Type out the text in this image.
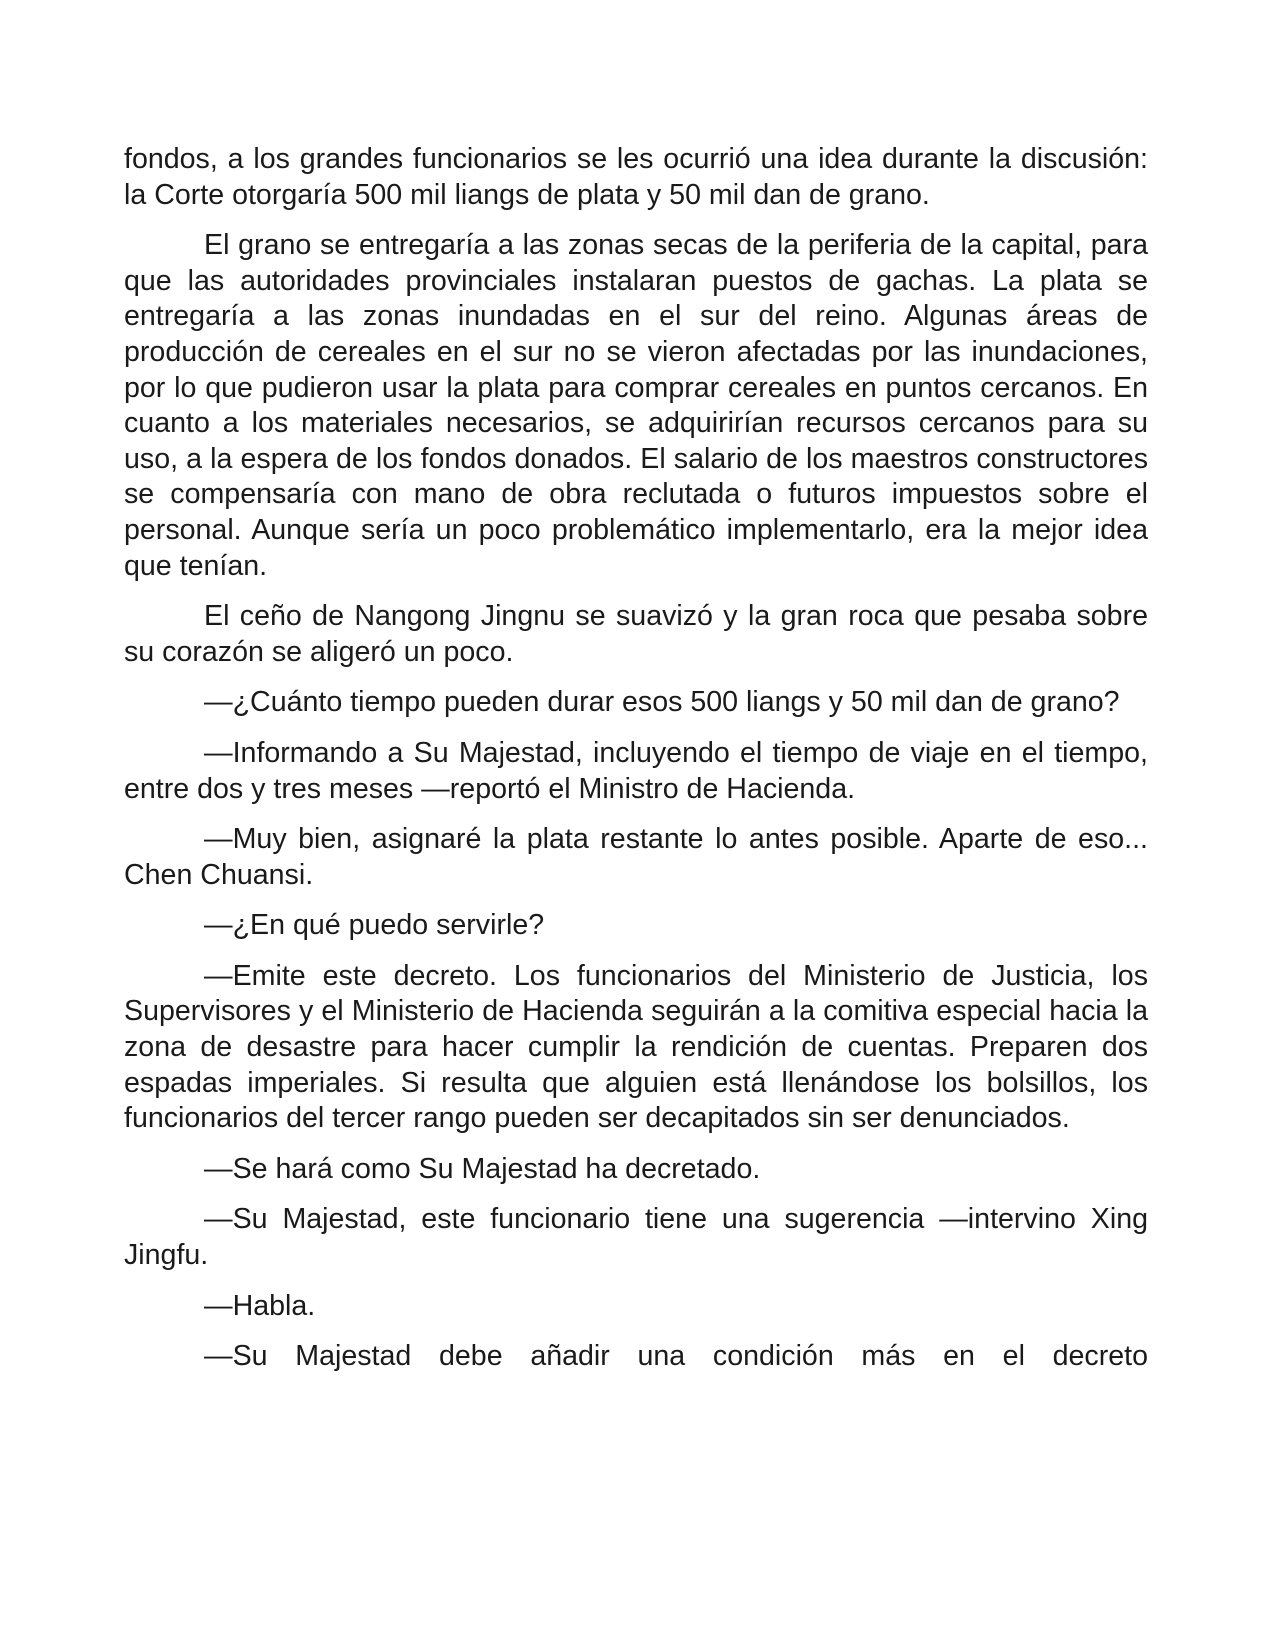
fondos, a los grandes funcionarios se les ocurrió una idea durante la discusión: la Corte otorgaría 500 mil liangs de plata y 50 mil dan de grano.

El grano se entregaría a las zonas secas de la periferia de la capital, para que las autoridades provinciales instalaran puestos de gachas. La plata se entregaría a las zonas inundadas en el sur del reino. Algunas áreas de producción de cereales en el sur no se vieron afectadas por las inundaciones, por lo que pudieron usar la plata para comprar cereales en puntos cercanos. En cuanto a los materiales necesarios, se adquirirían recursos cercanos para su uso, a la espera de los fondos donados. El salario de los maestros constructores se compensaría con mano de obra reclutada o futuros impuestos sobre el personal. Aunque sería un poco problemático implementarlo, era la mejor idea que tenían.

El ceño de Nangong Jingnu se suavizó y la gran roca que pesaba sobre su corazón se aligeró un poco.

—¿Cuánto tiempo pueden durar esos 500 liangs y 50 mil dan de grano?

—Informando a Su Majestad, incluyendo el tiempo de viaje en el tiempo, entre dos y tres meses —reportó el Ministro de Hacienda.

—Muy bien, asignaré la plata restante lo antes posible. Aparte de eso... Chen Chuansi.

—¿En qué puedo servirle?

—Emite este decreto. Los funcionarios del Ministerio de Justicia, los Supervisores y el Ministerio de Hacienda seguirán a la comitiva especial hacia la zona de desastre para hacer cumplir la rendición de cuentas. Preparen dos espadas imperiales. Si resulta que alguien está llenándose los bolsillos, los funcionarios del tercer rango pueden ser decapitados sin ser denunciados.

—Se hará como Su Majestad ha decretado.

—Su Majestad, este funcionario tiene una sugerencia —intervino Xing Jingfu.

—Habla.

—Su Majestad debe añadir una condición más en el decreto
